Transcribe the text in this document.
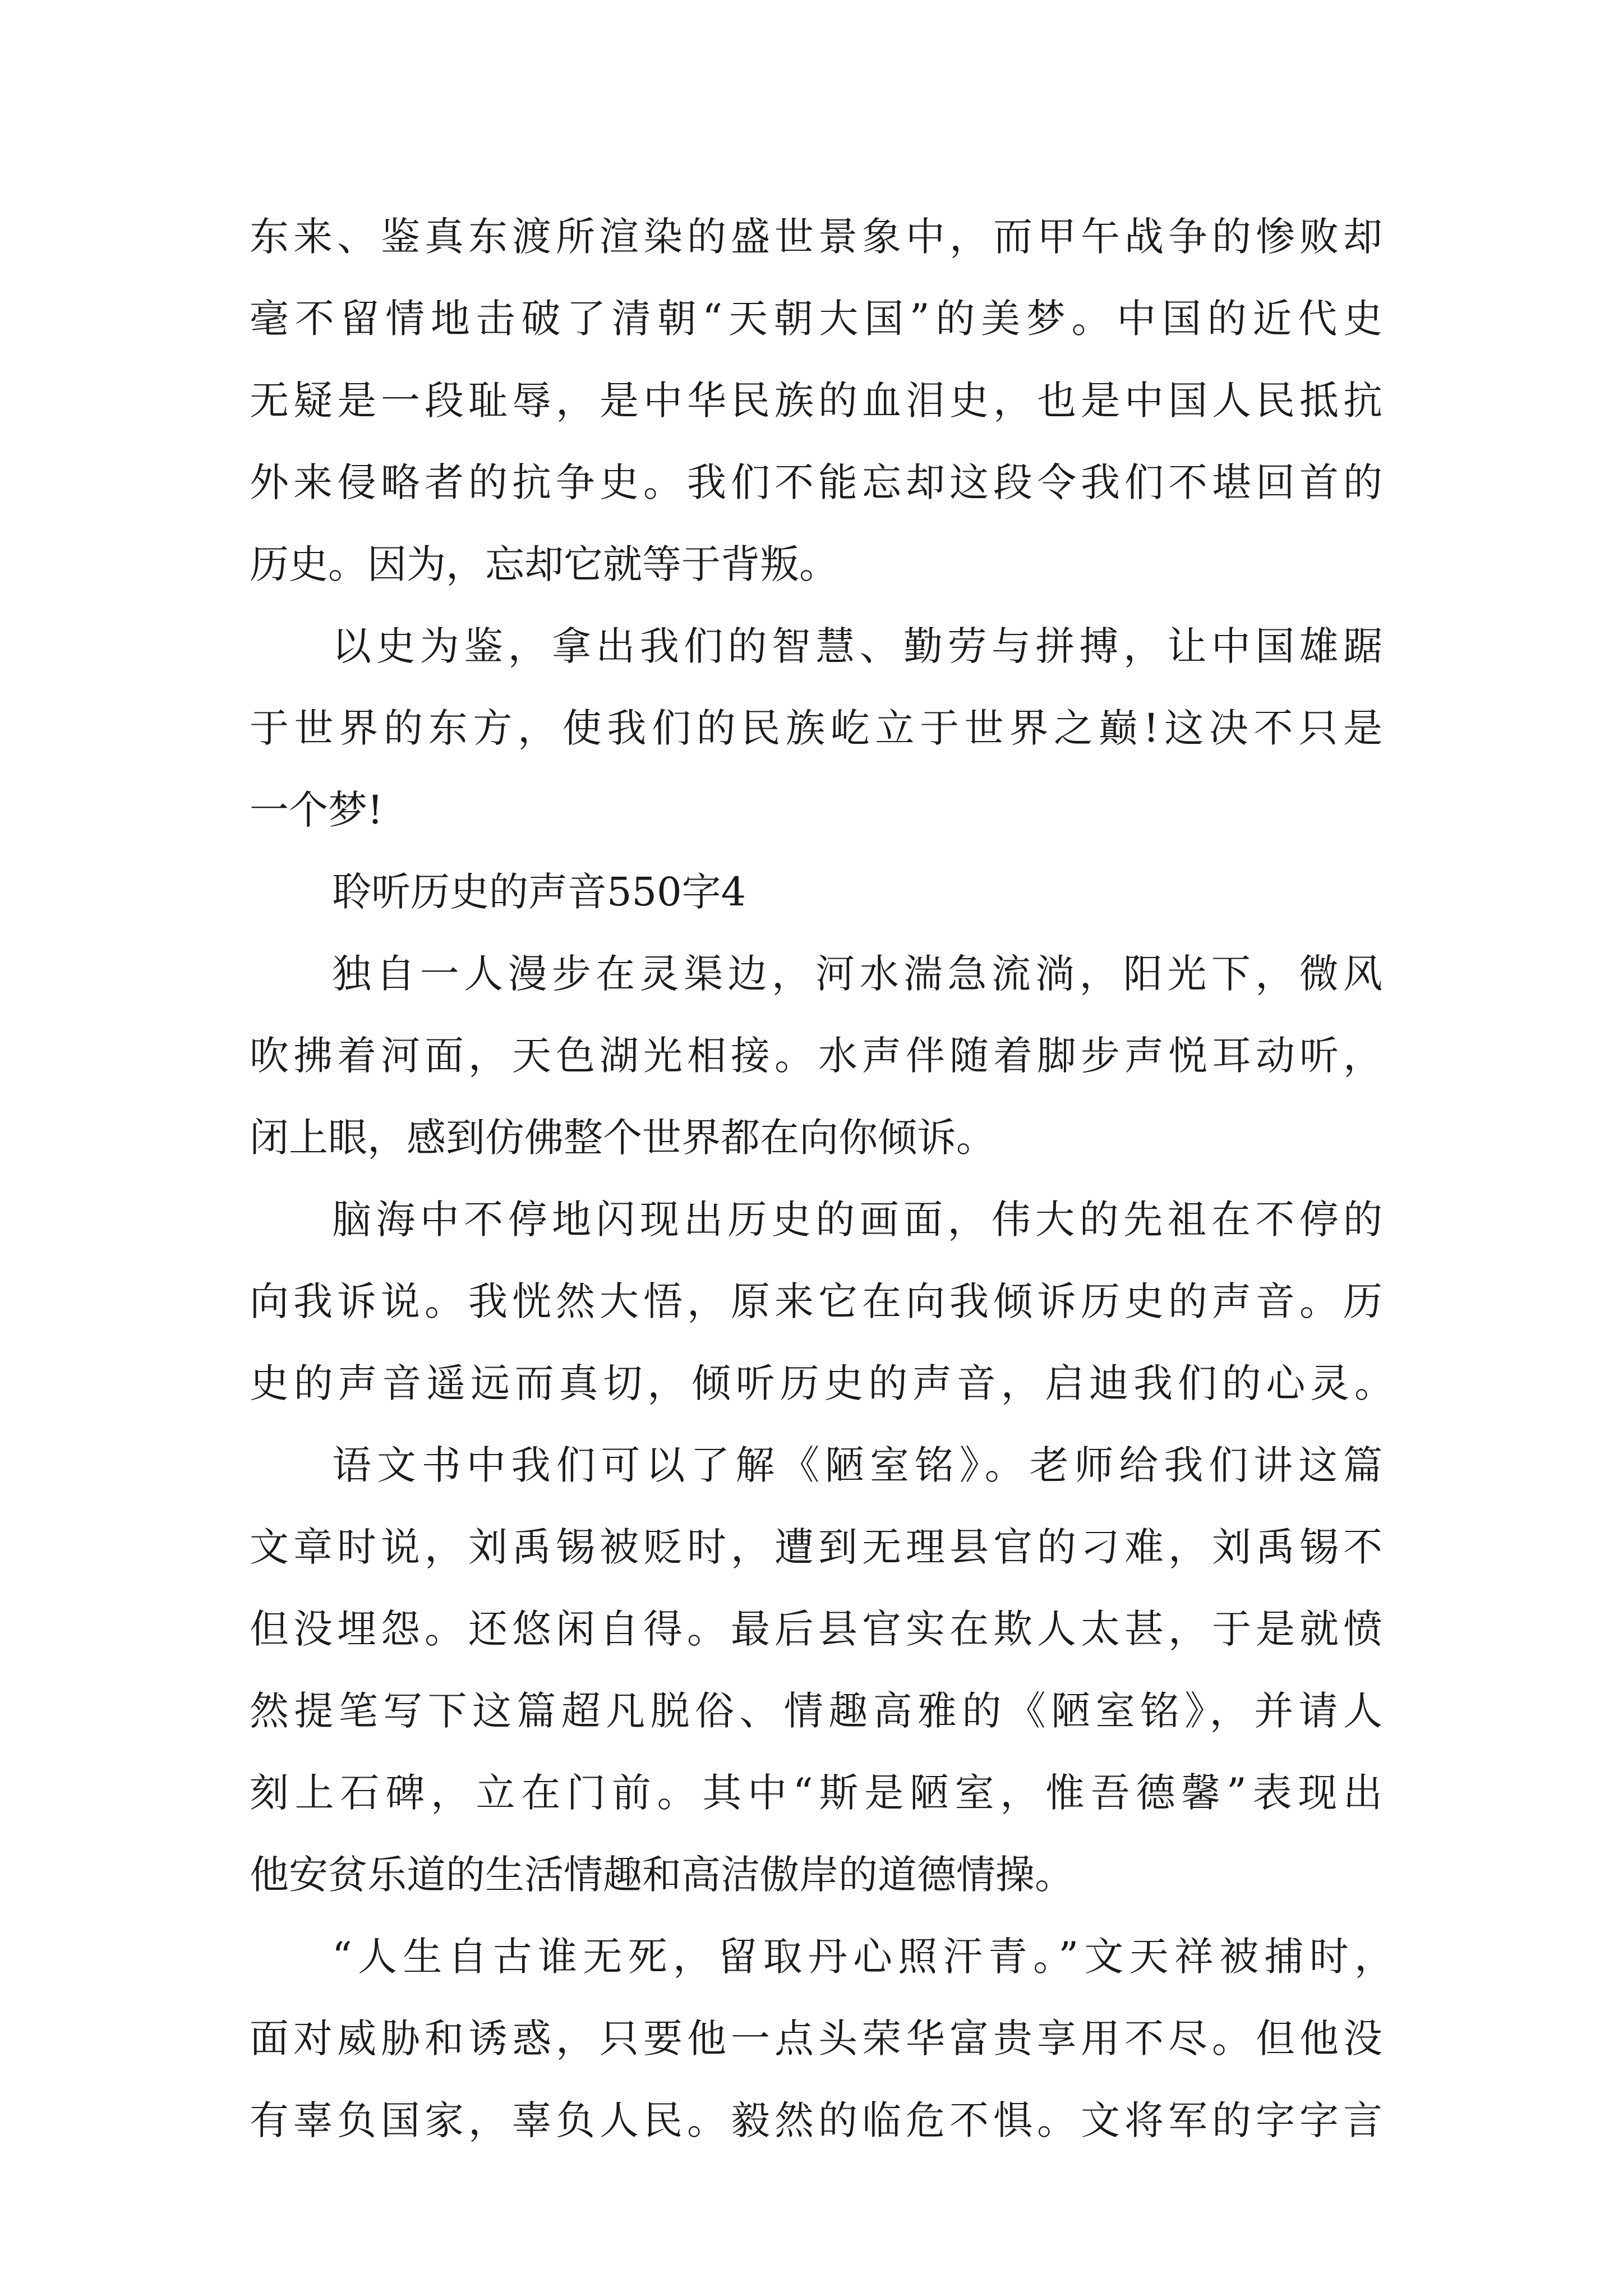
东来、鉴真东渡所渲染的盛世景象中，而甲午战争的惨败却
毫不留情地击破了清朝“天朝大国”的美梦。中国的近代史
无疑是一段耻辱，是中华民族的血泪史，也是中国人民抵抗
外来侵略者的抗争史。我们不能忘却这段令我们不堪回首的
历史。因为，忘却它就等于背叛。
以史为鉴，拿出我们的智慧、勤劳与拼搏，让中国雄踞
于世界的东方，使我们的民族屹立于世界之巅!这决不只是
一个梦!
聆听历史的声音550字4
独自一人漫步在灵渠边，河水湍急流淌，阳光下，微风
吹拂着河面，天色湖光相接。水声伴随着脚步声悦耳动听，
闭上眼，感到仿佛整个世界都在向你倾诉。
脑海中不停地闪现出历史的画面，伟大的先祖在不停的
向我诉说。我恍然大悟，原来它在向我倾诉历史的声音。历
史的声音遥远而真切，倾听历史的声音，启迪我们的心灵。
语文书中我们可以了解《陋室铭》。老师给我们讲这篇
文章时说，刘禹锡被贬时，遭到无理县官的刁难，刘禹锡不
但没埋怨。还悠闲自得。最后县官实在欺人太甚，于是就愤
然提笔写下这篇超凡脱俗、情趣高雅的《陋室铭》，并请人
刻上石碑，立在门前。其中“斯是陋室，惟吾德馨”表现出
他安贫乐道的生活情趣和高洁傲岸的道德情操。
“人生自古谁无死，留取丹心照汗青。”文天祥被捕时，
面对威胁和诱惑，只要他一点头荣华富贵享用不尽。但他没
有辜负国家，辜负人民。毅然的临危不惧。文将军的字字言
